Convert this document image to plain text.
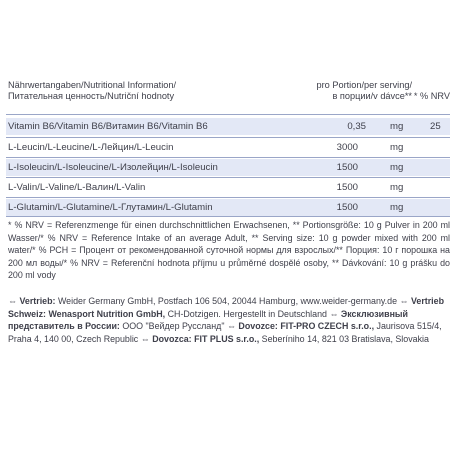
Nährwertangaben/Nutritional Information/
Питательная ценность/Nutriční hodnoty
pro Portion/per serving/
в порции/v dávce** * % NRV
Vitamin B6/Vitamin B6/Витамин B6/Vitamin B6	0,35	mg	25
L-Leucin/L-Leucine/L-Лейцин/L-Leucin	3000	mg
L-Isoleucin/L-Isoleucine/L-Изолейцин/L-Isoleucin	1500	mg
L-Valin/L-Valine/L-Валин/L-Valin	1500	mg
L-Glutamin/L-Glutamine/L-Глутамин/L-Glutamin	1500	mg
* % NRV = Referenzmenge für einen durchschnittlichen Erwachsenen, ** Portionsgröße: 10 g Pulver in 200 ml Wasser/* % NRV = Reference Intake of an average Adult, ** Serving size: 10 g powder mixed with 200 ml water/* % РСН = Процент от рекомендованной суточной нормы для взрослых/** Порция: 10 г порошка на 200 мл воды/* % NRV = Referenční hodnota příjmu u průměrné dospělé osoby, ** Dávkování: 10 g prášku do 200 ml vody
⇔ Vertrieb: Weider Germany GmbH, Postfach 106 504, 20044 Hamburg, www.weider-germany.de ⇔ Vertrieb Schweiz: Wenasport Nutrition GmbH, CH-Dotzigen. Hergestellt in Deutschland ⇔ Эксклюзивный представитель в России: ООО "Вейдер Руссланд" ⇔ Dovozce: FIT-PRO CZECH s.r.o., Jaurisova 515/4, Praha 4, 140 00, Czech Republic ⇔ Dovozca: FIT PLUS s.r.o., Seberíniho 14, 821 03 Bratislava, Slovakia
